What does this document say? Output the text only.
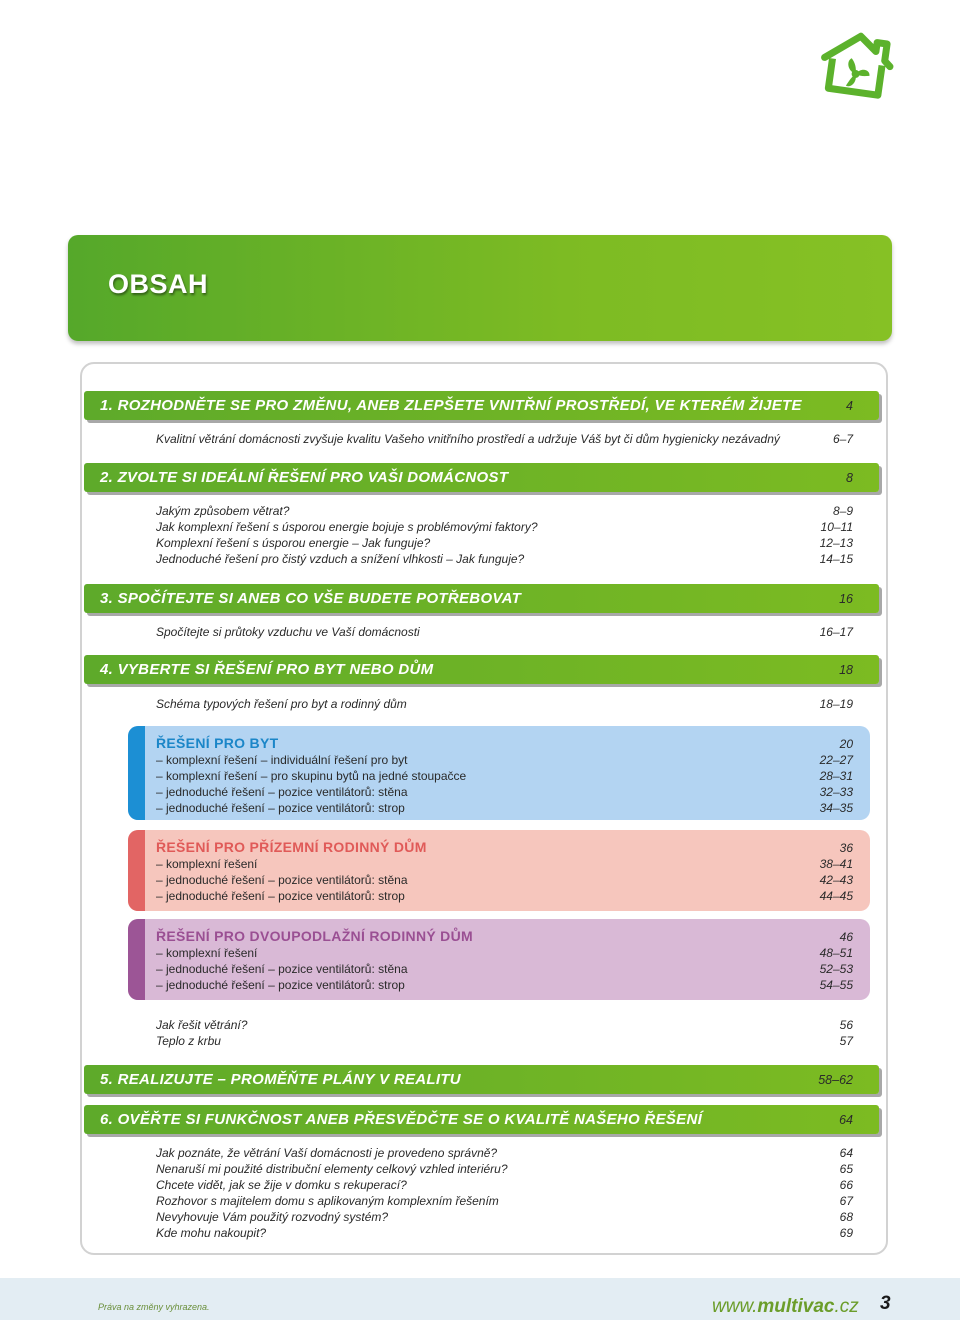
OBSAH
1. ROZHODNĚTE SE PRO ZMĚNU, ANEB ZLEPŠETE VNITŘNÍ PROSTŘEDÍ, VE KTERÉM ŽIJETE	4
Kvalitní větrání domácnosti zvyšuje kvalitu Vašeho vnitřního prostředí a udržuje Váš byt či dům hygienicky nezávadný	6–7
2. ZVOLTE SI IDEÁLNÍ ŘEŠENÍ PRO VAŠI DOMÁCNOST	8
Jakým způsobem větrat?	8–9
Jak komplexní řešení s úsporou energie bojuje s problémovými faktory?	10–11
Komplexní řešení s úsporou energie – Jak funguje?	12–13
Jednoduché řešení pro čistý vzduch a snížení vlhkosti – Jak funguje?	14–15
3. SPOČÍTEJTE SI ANEB CO VŠE BUDETE POTŘEBOVAT	16
Spočítejte si průtoky vzduchu ve Vaší domácnosti	16–17
4. VYBERTE SI ŘEŠENÍ PRO BYT NEBO DŮM	18
Schéma typových řešení pro byt a rodinný dům	18–19
ŘEŠENÍ PRO BYT	20
– komplexní řešení – individuální řešení pro byt	22–27
– komplexní řešení – pro skupinu bytů na jedné stoupačce	28–31
– jednoduché řešení – pozice ventilátorů: stěna	32–33
– jednoduché řešení – pozice ventilátorů: strop	34–35
ŘEŠENÍ PRO PŘÍZEMNÍ RODINNÝ DŮM	36
– komplexní řešení	38–41
– jednoduché řešení – pozice ventilátorů: stěna	42–43
– jednoduché řešení – pozice ventilátorů: strop	44–45
ŘEŠENÍ PRO DVOUPODLAŽNÍ RODINNÝ DŮM	46
– komplexní řešení	48–51
– jednoduché řešení – pozice ventilátorů: stěna	52–53
– jednoduché řešení – pozice ventilátorů: strop	54–55
Jak řešit větrání?	56
Teplo z krbu	57
5. REALIZUJTE – PROMĚŇTE PLÁNY V REALITU	58–62
6. OVĚŘTE SI FUNKČNOST ANEB PŘESVĚDČTE SE O KVALITĚ NAŠEHO ŘEŠENÍ	64
Jak poznáte, že větrání Vaší domácnosti je provedeno správně?	64
Nenaruší mi použité distribuční elementy celkový vzhled interiéru?	65
Chcete vidět, jak se žije v domku s rekuperací?	66
Rozhovor s majitelem domu s aplikovaným komplexním řešením	67
Nevyhovuje Vám použitý rozvodný systém?	68
Kde mohu nakoupit?	69
Práva na změny vyhrazena.	www.multivac.cz 3
